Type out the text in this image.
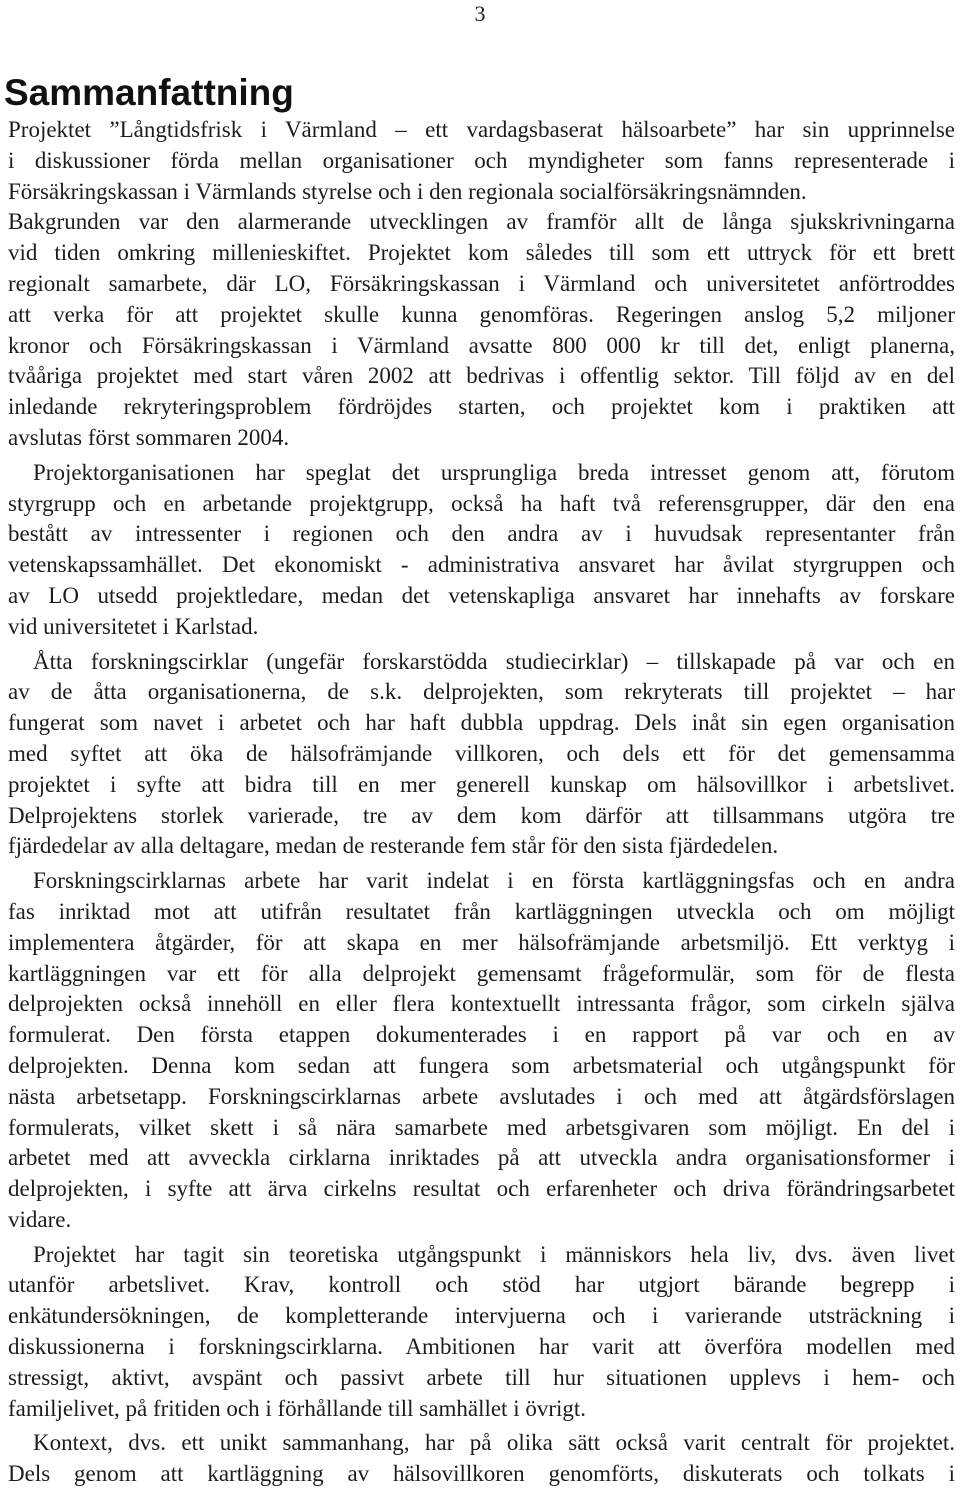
3
Sammanfattning
Projektet ”Långtidsfrisk i Värmland – ett vardagsbaserat hälsoarbete” har sin upprinnelse
i diskussioner förda mellan organisationer och myndigheter som fanns representerade i
Försäkringskassan i Värmlands styrelse och i den regionala socialförsäkringsnämnden.
Bakgrunden var den alarmerande utvecklingen av framför allt de långa sjukskrivningarna
vid tiden omkring millenieskiftet. Projektet kom således till som ett uttryck för ett brett
regionalt samarbete, där LO, Försäkringskassan i Värmland och universitetet anförtroddes
att verka för att projektet skulle kunna genomföras. Regeringen anslog 5,2 miljoner
kronor och Försäkringskassan i Värmland avsatte 800 000 kr till det, enligt planerna,
tvååriga projektet med start våren 2002 att bedrivas i offentlig sektor. Till följd av en del
inledande rekryteringsproblem fördröjdes starten, och projektet kom i praktiken att
avslutas först sommaren 2004.
Projektorganisationen har speglat det ursprungliga breda intresset genom att, förutom
styrgrupp och en arbetande projektgrupp, också ha haft två referensgrupper, där den ena
bestått av intressenter i regionen och den andra av i huvudsak representanter från
vetenskapssamhället. Det ekonomiskt - administrativa ansvaret har åvilat styrgruppen och
av LO utsedd projektledare, medan det vetenskapliga ansvaret har innehafts av forskare
vid universitetet i Karlstad.
Åtta forskningscirklar (ungefär forskarstödda studiecirklar) – tillskapade på var och en
av de åtta organisationerna, de s.k. delprojekten, som rekryterats till projektet – har
fungerat som navet i arbetet och har haft dubbla uppdrag. Dels inåt sin egen organisation
med syftet att öka de hälsofrämjande villkoren, och dels ett för det gemensamma
projektet i syfte att bidra till en mer generell kunskap om hälsovillkor i arbetslivet.
Delprojektens storlek varierade, tre av dem kom därför att tillsammans utgöra tre
fjärdedelar av alla deltagare, medan de resterande fem står för den sista fjärdedelen.
Forskningscirklarnas arbete har varit indelat i en första kartläggningsfas och en andra
fas inriktad mot att utifrån resultatet från kartläggningen utveckla och om möjligt
implementera åtgärder, för att skapa en mer hälsofrämjande arbetsmiljö. Ett verktyg i
kartläggningen var ett för alla delprojekt gemensamt frågeformulär, som för de flesta
delprojekten också innehöll en eller flera kontextuellt intressanta frågor, som cirkeln själva
formulerat. Den första etappen dokumenterades i en rapport på var och en av
delprojekten. Denna kom sedan att fungera som arbetsmaterial och utgångspunkt för
nästa arbetsetapp. Forskningscirklarnas arbete avslutades i och med att åtgärdsförslagen
formulerats, vilket skett i så nära samarbete med arbetsgivaren som möjligt. En del i
arbetet med att avveckla cirklarna inriktades på att utveckla andra organisationsformer i
delprojekten, i syfte att ärva cirkelns resultat och erfarenheter och driva förändringsarbetet
vidare.
Projektet har tagit sin teoretiska utgångspunkt i människors hela liv, dvs. även livet
utanför arbetslivet. Krav, kontroll och stöd har utgjort bärande begrepp i
enkätundersökningen, de kompletterande intervjuerna och i varierande utsträckning i
diskussionerna i forskningscirklarna. Ambitionen har varit att överföra modellen med
stressigt, aktivt, avspänt och passivt arbete till hur situationen upplevs i hem- och
familjelivet, på fritiden och i förhållande till samhället i övrigt.
Kontext, dvs. ett unikt sammanhang, har på olika sätt också varit centralt för projektet.
Dels genom att kartläggning av hälsovillkoren genomförts, diskuterats och tolkats i
